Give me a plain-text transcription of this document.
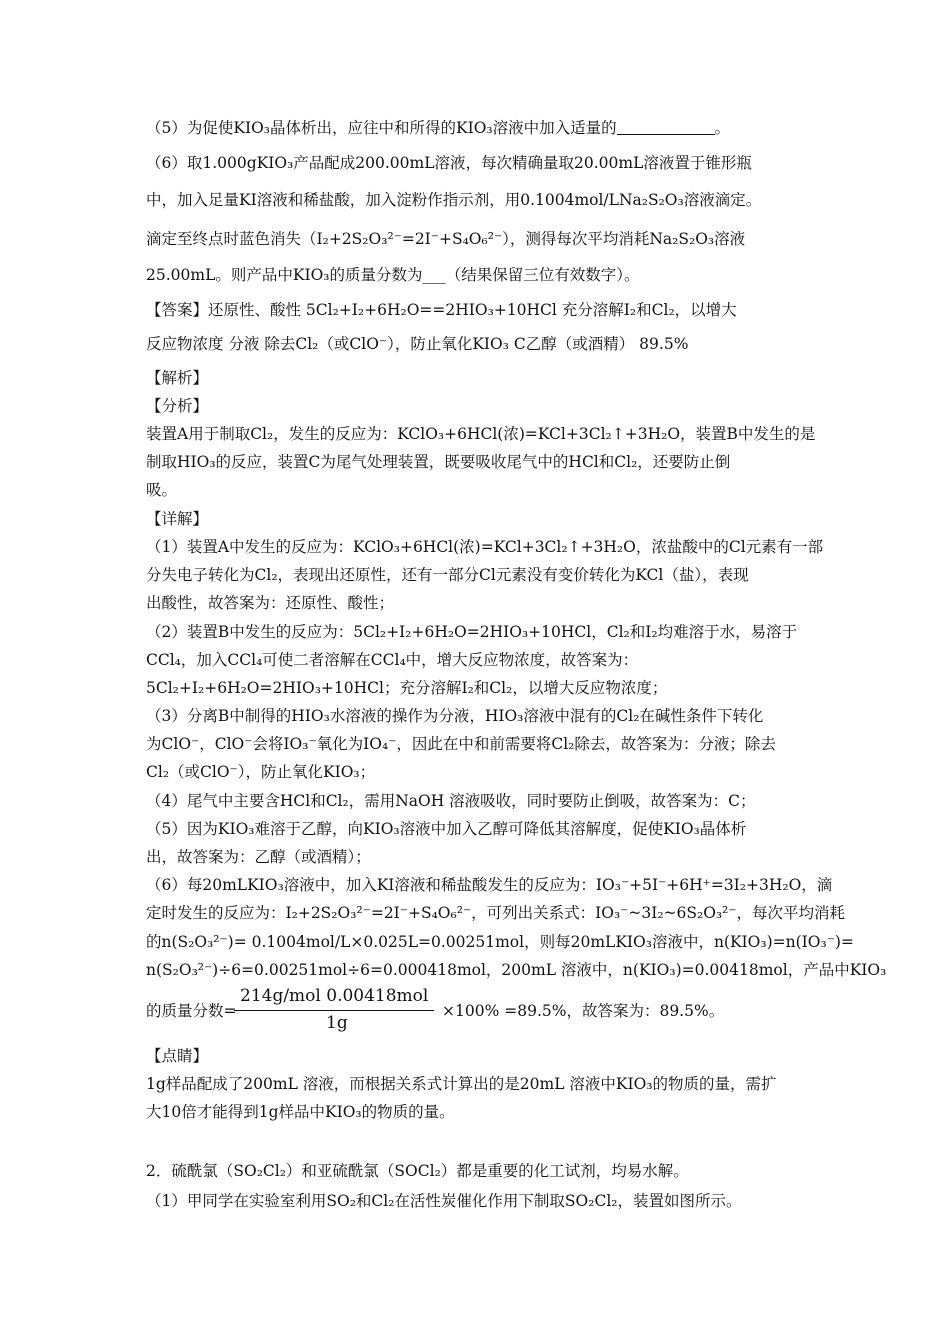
（5）为促使KIO₃晶体析出，应往中和所得的KIO₃溶液中加入适量的	。
（6）取1.000gKIO₃产品配成200.00mL溶液，每次精确量取20.00mL溶液置于锥形瓶
中，加入足量KI溶液和稀盐酸，加入淀粉作指示剂，用0.1004mol/LNa₂S₂O₃溶液滴定。
滴定至终点时蓝色消失（I₂+2S₂O₃²⁻=2I⁻+S₄O₆²⁻），测得每次平均消耗Na₂S₂O₃溶液
25.00mL。则产品中KIO₃的质量分数为___（结果保留三位有效数字）。
【答案】还原性、酸性 5Cl₂+I₂+6H₂O==2HIO₃+10HCl 充分溶解I₂和Cl₂，以增大
反应物浓度 分液 除去Cl₂（或ClO⁻），防止氧化KIO₃ C乙醇（或酒精） 89.5%
【解析】
【分析】
装置A用于制取Cl₂，发生的反应为：KClO₃+6HCl(浓)=KCl+3Cl₂↑+3H₂O，装置B中发生的是
制取HIO₃的反应，装置C为尾气处理装置，既要吸收尾气中的HCl和Cl₂，还要防止倒
吸。
【详解】
（1）装置A中发生的反应为：KClO₃+6HCl(浓)=KCl+3Cl₂↑+3H₂O，浓盐酸中的Cl元素有一部
分失电子转化为Cl₂，表现出还原性，还有一部分Cl元素没有变价转化为KCl（盐），表现
出酸性，故答案为：还原性、酸性；
（2）装置B中发生的反应为：5Cl₂+I₂+6H₂O=2HIO₃+10HCl，Cl₂和I₂均难溶于水，易溶于
CCl₄，加入CCl₄可使二者溶解在CCl₄中，增大反应物浓度，故答案为：
5Cl₂+I₂+6H₂O=2HIO₃+10HCl；充分溶解I₂和Cl₂，以增大反应物浓度；
（3）分离B中制得的HIO₃水溶液的操作为分液，HIO₃溶液中混有的Cl₂在碱性条件下转化
为ClO⁻，ClO⁻会将IO₃⁻氧化为IO₄⁻，因此在中和前需要将Cl₂除去，故答案为：分液；除去
Cl₂（或ClO⁻），防止氧化KIO₃；
（4）尾气中主要含HCl和Cl₂，需用NaOH 溶液吸收，同时要防止倒吸，故答案为：C；
（5）因为KIO₃难溶于乙醇，向KIO₃溶液中加入乙醇可降低其溶解度，促使KIO₃晶体析
出，故答案为：乙醇（或酒精）；
（6）每20mLKIO₃溶液中，加入KI溶液和稀盐酸发生的反应为：IO₃⁻+5I⁻+6H⁺=3I₂+3H₂O，滴
定时发生的反应为：I₂+2S₂O₃²⁻=2I⁻+S₄O₆²⁻，可列出关系式：IO₃⁻~3I₂~6S₂O₃²⁻，每次平均消耗
的n(S₂O₃²⁻)= 0.1004mol/L×0.025L=0.00251mol，则每20mLKIO₃溶液中，n(KIO₃)=n(IO₃⁻)=
n(S₂O₃²⁻)÷6=0.00251mol÷6=0.000418mol，200mL 溶液中，n(KIO₃)=0.00418mol，产品中KIO₃
的质量分数=
214g/mol 0.00418mol
1g
×100% =89.5%，故答案为：89.5%。
【点睛】
1g样品配成了200mL 溶液，而根据关系式计算出的是20mL 溶液中KIO₃的物质的量，需扩
大10倍才能得到1g样品中KIO₃的物质的量。
2．硫酰氯（SO₂Cl₂）和亚硫酰氯（SOCl₂）都是重要的化工试剂，均易水解。
（1）甲同学在实验室利用SO₂和Cl₂在活性炭催化作用下制取SO₂Cl₂，装置如图所示。
